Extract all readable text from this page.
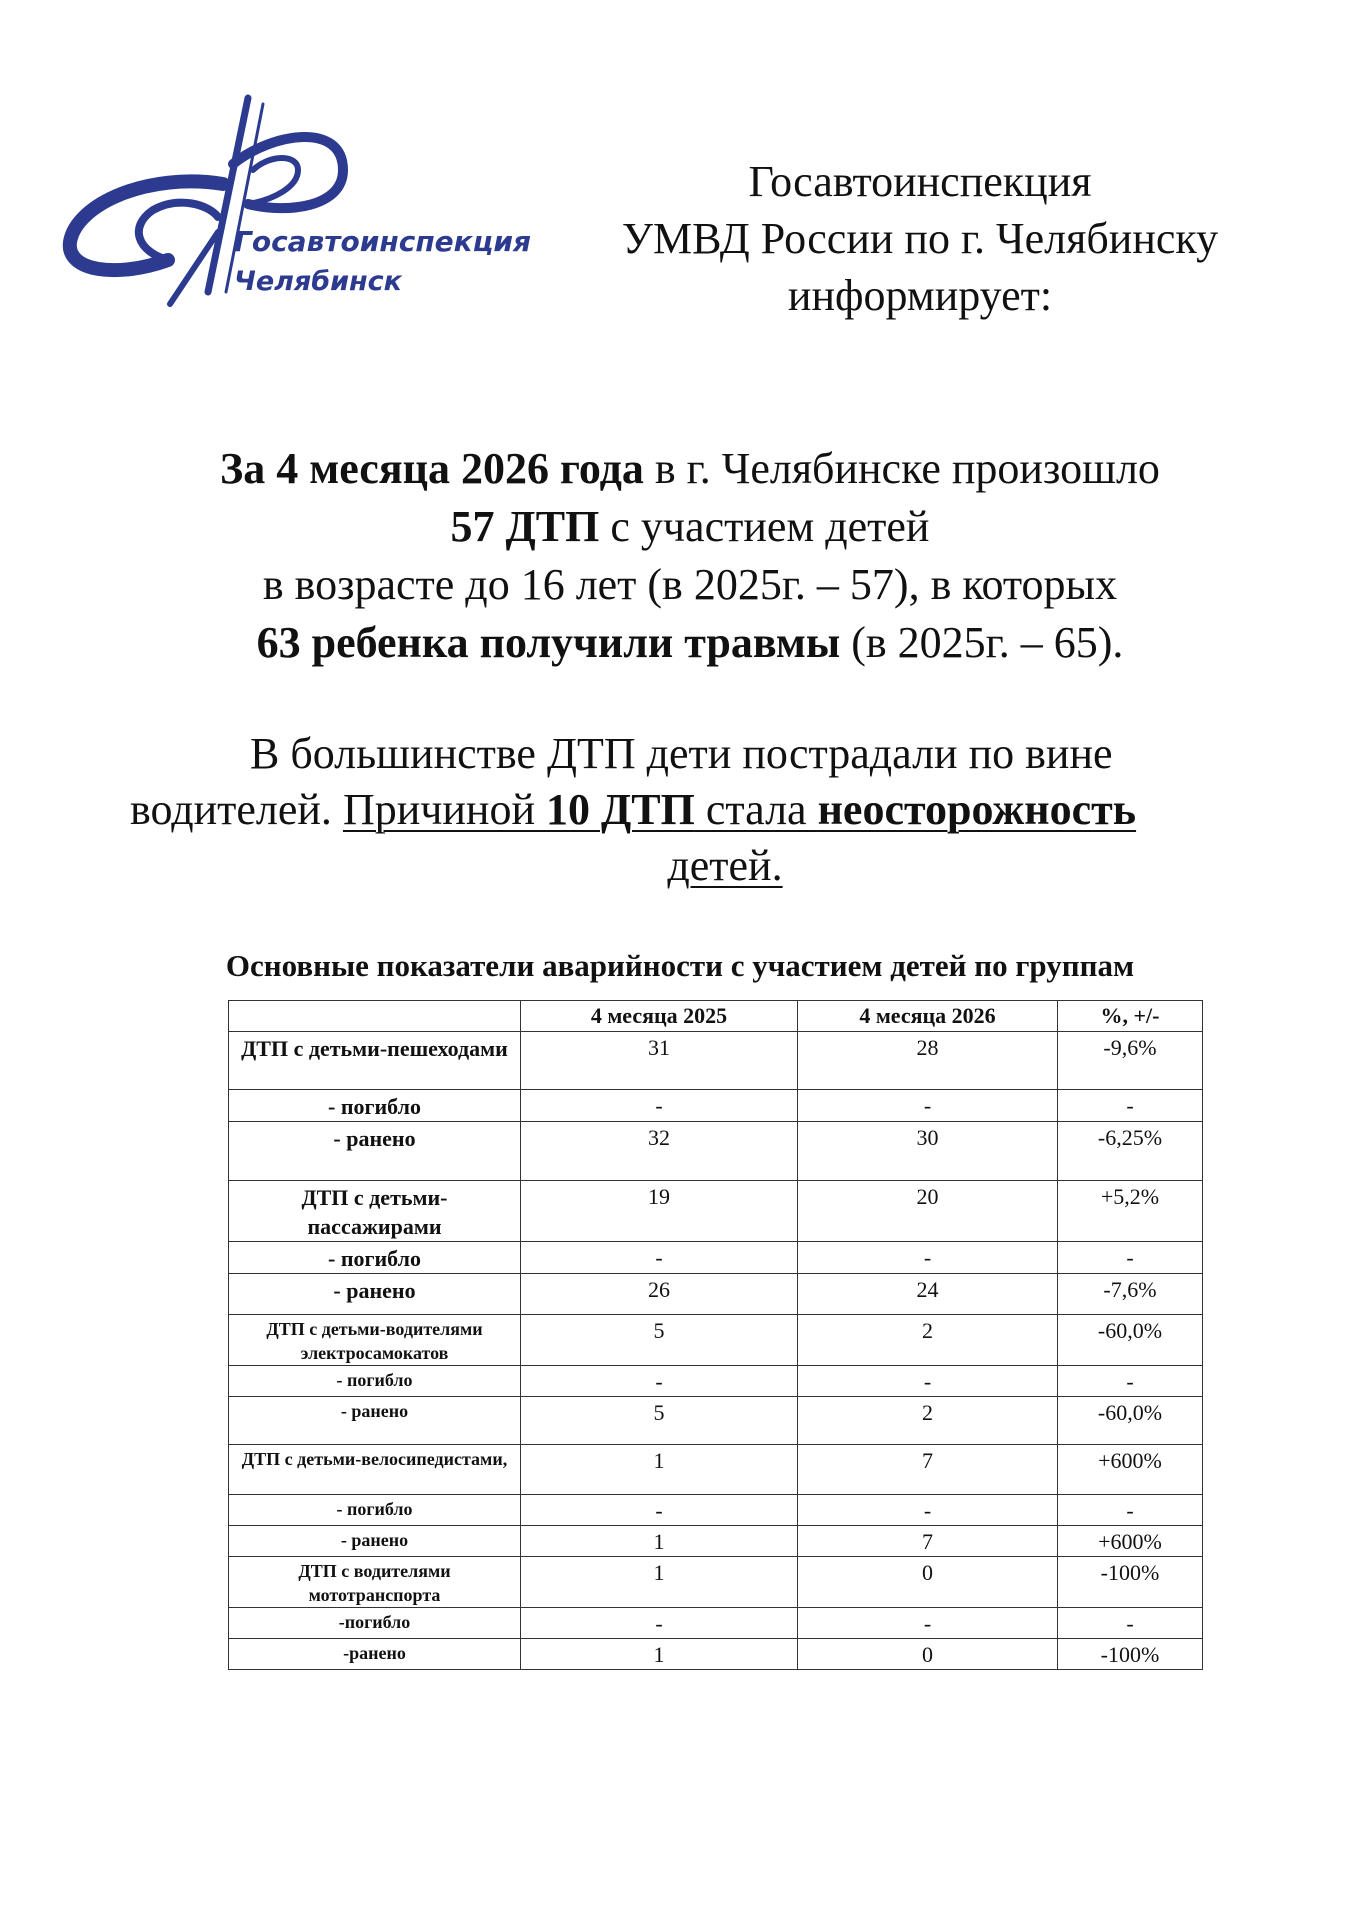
Госавтоинспекция
Челябинск
Госавтоинспекция
УМВД России по г. Челябинску
информирует:
За 4 месяца 2026 года в г. Челябинске произошло
57 ДТП с участием детей
в возрасте до 16 лет (в 2025г. – 57), в которых
63 ребенка получили травмы (в 2025г. – 65).
В большинстве ДТП дети пострадали по вине
водителей. Причиной 10 ДТП стала неосторожность
детей.
Основные показатели аварийности с участием детей по группам
	4 месяца 2025	4 месяца 2026	%, +/-
ДТП с детьми-пешеходами	31	28	-9,6%
- погибло	-	-	-
- ранено	32	30	-6,25%
ДТП с детьми-пассажирами	19	20	+5,2%
- погибло	-	-	-
- ранено	26	24	-7,6%
ДТП с детьми-водителями электросамокатов	5	2	-60,0%
- погибло	-	-	-
- ранено	5	2	-60,0%
ДТП с детьми-велосипедистами,	1	7	+600%
- погибло	-	-	-
- ранено	1	7	+600%
ДТП с водителями мототранспорта	1	0	-100%
-погибло	-	-	-
-ранено	1	0	-100%
